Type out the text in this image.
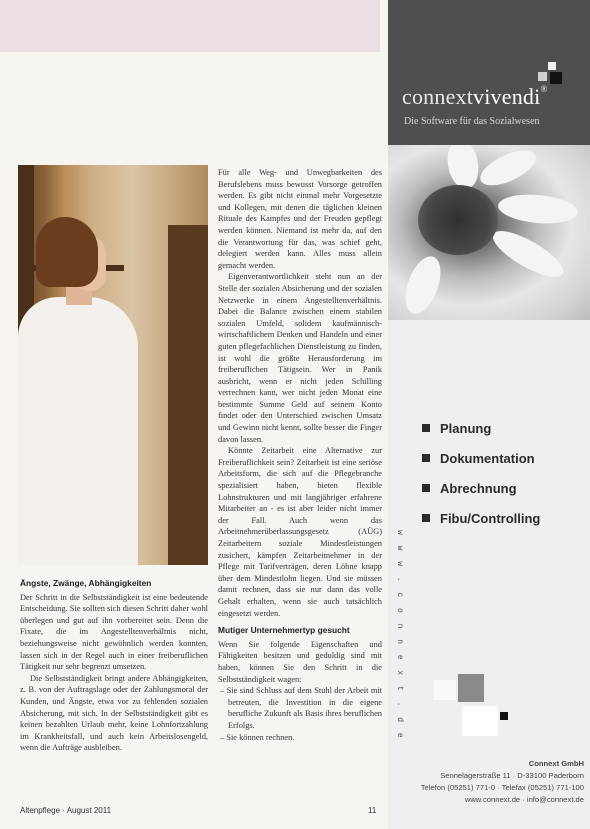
Für alle Weg- und Unwegbarkeiten des Berufslebens muss bewusst Vorsorge getroffen werden. Es gibt nicht einmal mehr Vorgesetzte und Kollegen, mit denen die täglichen kleinen Rituale des Kampfes und der Freuden gepflegt werden können. Niemand ist mehr da, auf den die Verantwortung für das, was schief geht, delegiert werden kann. Alles muss allein gemacht werden.

Eigenverantwortlichkeit steht nun an der Stelle der sozialen Absicherung und der sozialen Netzwerke in einem Angestelltenverhältnis. Dabei die Balance zwischen einem stabilen sozialen Umfeld, solidem kaufmännisch-wirtschaftlichem Denken und Handeln und einer guten pflegefachlichen Dienstleistung zu finden, ist wohl die größte Herausforderung im freiberuflichen Tätigsein. Wer in Panik ausbricht, wenn er nicht jeden Schilling verrechnen kann, wer nicht jeden Monat eine bestimmte Summe Geld auf seinem Konto findet oder den Unterschied zwischen Umsatz und Gewinn nicht kennt, sollte besser die Finger davon lassen.

Könnte Zeitarbeit eine Alternative zur Freiberuflichkeit sein? Zeitarbeit ist eine seriöse Arbeitsform, die sich auf die Pflegebranche spezialisiert haben, bieten flexible Lohnstrukturen und mit langjähriger erfahrene Mitarbeiter an - es ist aber leider nicht immer der Fall. Auch wenn das Arbeitnehmerüberlassungsgesetz (AÜG) Zeitarbeitern soziale Mindestleistungen zusichert, kämpfen Zeitarbeitnehmer in der Pflege mit Tarifverträgen, deren Löhne knapp über dem Mindestlohn liegen. Und sie müssen damit rechnen, dass sie nur dann das volle Gehalt erhalten, wenn sie auch tatsächlich eingesetzt werden.

Mutiger Unternehmertyp gesucht

Wenn Sie folgende Eigenschaften und Fähigkeiten besitzen und geduldig sind mit haben, können Sie den Schritt in die Selbstständigkeit wagen:

– Sie sind Schluss auf dem Stuhl der Arbeit mit betreuten, die Investition in die eigene berufliche Zukunft als Basis ihres beruflichen Erfolgs.

– Sie können rechnen.

Ängste, Zwänge, Abhängigkeiten

Der Schritt in die Selbstständigkeit ist eine bedeutende Entscheidung. Sie sollten sich diesen Schritt daher wohl überlegen und gut auf ihn vorbereitet sein. Denn die Fixate, die im Angestelltenverhältnis nicht, beziehungsweise nicht gewöhnlich werden konnten, lassen sich in der Regel auch in einer freiberuflichen Tätigkeit nur sehr begrenzt umsetzen.

Die Selbstständigkeit bringt andere Abhängigkeiten, z. B. von der Auftragslage oder der Zahlungsmoral der Kunden, und Ängste, etwa vor zu fehlenden sozialen Absicherung, mit sich. In der Selbstständigkeit gibt es keinen bezahlten Urlaub mehr, keine Lohnfortzahlung im Krankheitsfall, und auch kein Arbeitslosengeld, wenn die Aufträge ausbleiben.

Altenpflege · August 2011	11
connextvivendi®
Die Software für das Sozialwesen
Planung
Dokumentation
Abrechnung
Fibu/Controlling
w w w . c o n n e x t . d e
Connext GmbH
Sennelagerstraße 11 · D-33100 Paderborn
Telefon (05251) 771-0 · Telefax (05251) 771-100
www.connext.de · info@connext.de
